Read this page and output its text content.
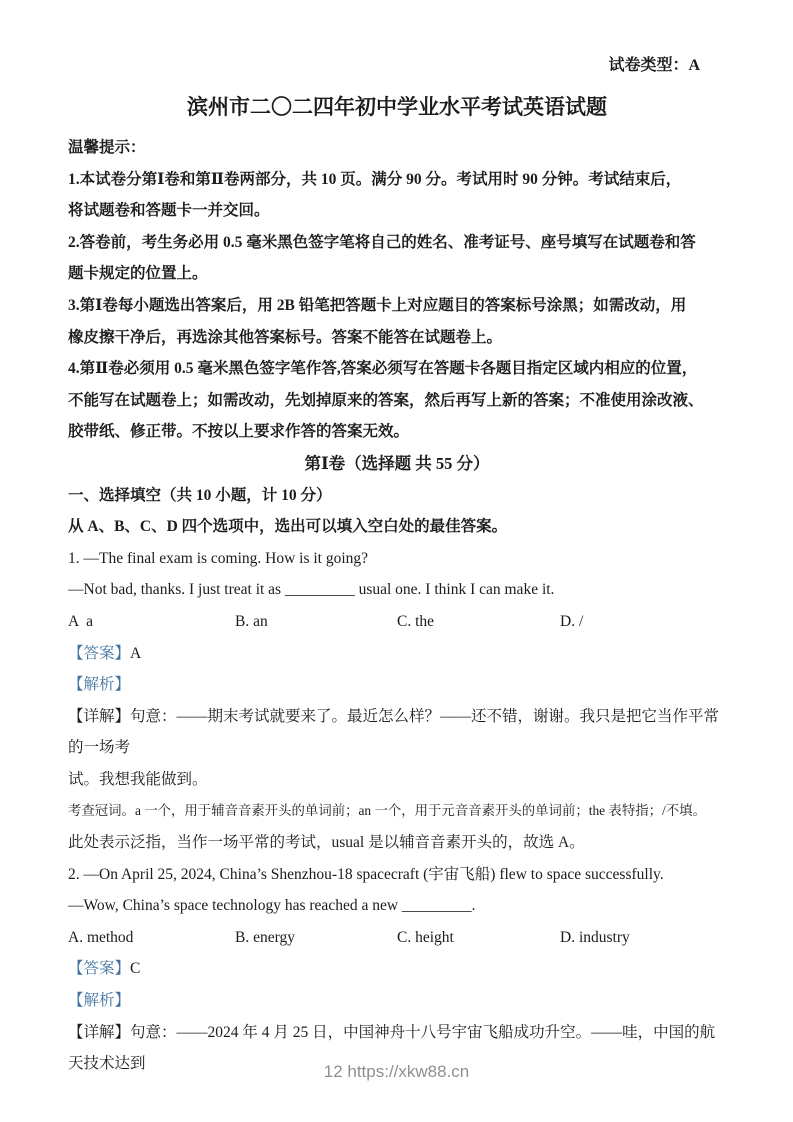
试卷类型：A
滨州市二〇二四年初中学业水平考试英语试题
温馨提示：
1.本试卷分第Ⅰ卷和第Ⅱ卷两部分，共 10 页。满分 90 分。考试用时 90 分钟。考试结束后，
将试题卷和答题卡一并交回。
2.答卷前，考生务必用 0.5 毫米黑色签字笔将自己的姓名、准考证号、座号填写在试题卷和答
题卡规定的位置上。
3.第Ⅰ卷每小题选出答案后，用 2B 铅笔把答题卡上对应题目的答案标号涂黑；如需改动，用
橡皮擦干净后，再选涂其他答案标号。答案不能答在试题卷上。
4.第Ⅱ卷必须用 0.5 毫米黑色签字笔作答,答案必须写在答题卡各题目指定区域内相应的位置，
不能写在试题卷上；如需改动，先划掉原来的答案，然后再写上新的答案；不准使用涂改液、
胶带纸、修正带。不按以上要求作答的答案无效。
第Ⅰ卷（选择题 共 55 分）
一、选择填空（共 10 小题，计 10 分）
从 A、B、C、D 四个选项中，选出可以填入空白处的最佳答案。
1. —The final exam is coming. How is it going?
—Not bad, thanks. I just treat it as _________ usual one. I think I can make it.
A  a	B. an	C. the	D. /
【答案】A
【解析】
【详解】句意：——期末考试就要来了。最近怎么样？——还不错，谢谢。我只是把它当作平常的一场考
试。我想我能做到。
考查冠词。a 一个，用于辅音音素开头的单词前；an 一个，用于元音音素开头的单词前；the 表特指；/不填。
此处表示泛指，当作一场平常的考试，usual 是以辅音音素开头的，故选 A。
2. —On April 25, 2024, China’s Shenzhou-18 spacecraft (宇宙飞船) flew to space successfully.
—Wow, China’s space technology has reached a new _________.
A. method	B. energy	C. height	D. industry
【答案】C
【解析】
【详解】句意：——2024 年 4 月 25 日，中国神舟十八号宇宙飞船成功升空。——哇，中国的航天技术达到	12 https://xkw88.cn
